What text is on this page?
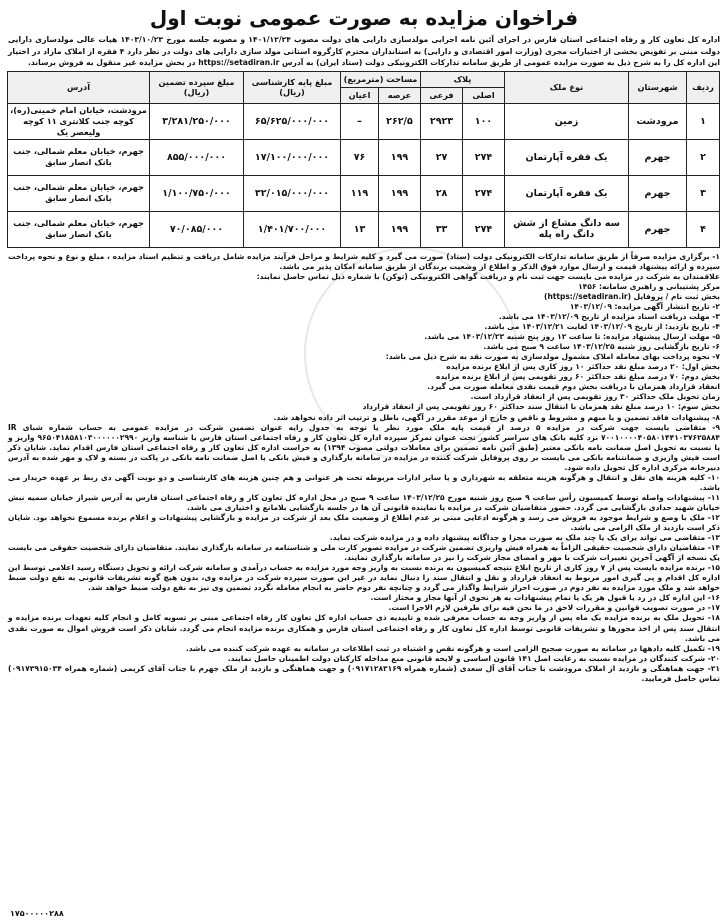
فراخوان مزایده به صورت عمومی نوبت اول

اداره کل تعاون کار و رفاه اجتماعی استان فارس در اجرای آئین نامه اجرایی مولدسازی دارایی های دولت مصوب ۱۴۰۱/۱۲/۲۴ و مصوبه جلسه مورخ ۱۴۰۳/۱۰/۲۳ هیات عالی مولدسازی دارایی دولت مبنی بر تفویض بخشی از اختیارات مجری (وزارت امور اقتصادی و دارایی) به استانداران محترم کارگروه استانی مولد سازی دارایی های دولت در نظر دارد ۴ فقره از املاک مازاد در اختیار این اداره کل را به شرح ذیل به صورت مزایده عمومی از طریق سامانه تدارکات الکترونیکی دولت (ستاد ایران) به آدرس https://setadiran.ir در بخش مزایده غیر منقول به فروش برساند.

ردیف	شهرستان	نوع ملک	پلاک		مساحت (مترمربع)		مبلغ پایه کارشناسی (ریال)	مبلغ سپرده تضمین (ریال)	آدرس
			اصلی	فرعی	عرصه	اعیان			
۱	مرودشت	زمین	۱۰۰	۲۹۲۳	۲۶۲/۵	–	۶۵/۶۲۵/۰۰۰/۰۰۰	۳/۲۸۱/۲۵۰/۰۰۰	مرودشت، خیابان امام خمینی(ره)، کوچه جنب کلانتری ۱۱ کوچه ولیعصر یک
۲	جهرم	یک فقره آپارتمان	۲۷۴	۲۷	۱۹۹	۷۶	۱۷/۱۰۰/۰۰۰/۰۰۰	۸۵۵/۰۰۰/۰۰۰	جهرم، خیابان معلم شمالی، جنب بانک انصار سابق
۳	جهرم	یک فقره آپارتمان	۲۷۴	۲۸	۱۹۹	۱۱۹	۳۲/۰۱۵/۰۰۰/۰۰۰	۱/۱۰۰/۷۵۰/۰۰۰	جهرم، خیابان معلم شمالی، جنب بانک انصار سابق
۴	جهرم	سه دانگ مشاع از شش دانگ راه پله	۲۷۴	۳۳	۱۹۹	۱۳	۱/۴۰۱/۷۰۰/۰۰۰	۷۰/۰۸۵/۰۰۰	جهرم، خیابان معلم شمالی، جنب بانک انصار سابق

۱- برگزاری مزایده صرفاً از طریق سامانه تدارکات الکترونیکی دولت (ستاد) صورت می گیرد و کلیه شرایط و مراحل فرآیند مزایده شامل دریافت و تنظیم اسناد مزایده ، مبلغ و نوع و نحوه پرداخت سپرده و ارائه پیشنهاد قیمت و ارسال موارد فوق الذکر و اطلاع از وضعیت برندگان از طریق سامانه امکان پذیر می باشد.

علاقمندان به شرکت در مزایده می بایست جهت ثبت نام و دریافت گواهی الکترونیکی (توکن) با شماره ذیل تماس حاصل نمایند:

مرکز پشتیبانی و راهبری سامانه: ۱۴۵۶

بخش ثبت نام / پروفایل (https://setadiran.ir)

۲- تاریخ انتشار آگهی مزایده: ۱۴۰۳/۱۲/۰۹

۳- مهلت دریافت اسناد مزایده از تاریخ ۱۴۰۳/۱۲/۰۹ می باشد.

۴- تاریخ بازدید: از تاریخ ۱۴۰۳/۱۲/۰۹ لغایت ۱۴۰۳/۱۲/۲۱ می باشد.

۵- مهلت ارسال پیشنهاد مزایده: تا ساعت ۱۲ روز پنج شنبه ۱۴۰۳/۱۲/۲۳ می باشد.

۶- تاریخ بازگشایی روز شنبه ۱۴۰۳/۱۲/۲۵ ساعت ۹ صبح می باشد.

۷- نحوه پرداخت بهای معامله املاک مشمول مولدسازی به صورت نقد به شرح ذیل می باشد:

بخش اول: ۲۰ درصد مبلغ نقد حداکثر ۱۰ روز کاری پس از ابلاغ برنده مزایده

بخش دوم: ۷۰ درصد مبلغ نقد حداکثر ۶۰ روز تقویمی پس از ابلاغ برنده مزایده

انعقاد قرارداد همزمان با دریافت بخش دوم قیمت نقدی معامله صورت می گیرد.

زمان تحویل ملک حداکثر ۳۰ روز تقویمی پس از انعقاد قرارداد است.

بخش سوم: ۱۰ درصد مبلغ نقد همزمان با انتقال سند حداکثر ۶۰ روز تقویمی پس از انعقاد قرارداد

۸- پیشنهادات فاقد تضمین و یا مبهم و مشروط و ناقص و خارج از موعد مقرر در آگهی، باطل و ترتیب اثر داده نخواهد شد.

۹- متقاضی بایست جهت شرکت در مزایده ۵ درصد از قیمت پایه ملک مورد نظر یا توجه به جدول رایه عنوان تضمین شرکت در مزایده عمومی به حساب شماره شبای IR ۷۰۰۱۰۰۰۰۴۰۵۸۰۱۴۴۱۰۳۷۶۲۵۸۸۴ نزد کلیه بانک های سراسر کشور تحت عنوان تمرکز سپرده اداره کل تعاون کار و رفاه اجتماعی استان فارس با شناسه واریز ۹۶۵۰۴۱۸۵۸۱۰۳۰۰۰۰۰۰۲۹۹۰ واریز و یا نسبت به تحویل اصل ضمانت نامه بانکی معتبر (طبق آئین نامه تضمین برای معاملات دولتی مصوب ۱۳۹۴) به حراست اداره کل تعاون کار و رفاه اجتماعی استان فارس اقدام نماید. شایان ذکر است فیش واریزی و ضمانتنامه بانکی می بایست بر روی پروفایل شرکت کننده در مزایده در سامانه بارگذاری و فیش بانکی یا اصل ضمانت نامه بانکی در پاکت در بسته و لاک و مهر شده به آدرس دبیرخانه مرکزی اداره کل تحویل داده شود.

۱۰- کلیه هزینه های نقل و انتقال و هرگونه هزینه متعلقه به شهرداری و یا سایر ادارات مربوطه تحت هر عنوانی و هم چنین هزینه های کارشناسی و دو نوبت آگهی دی ربط بر عهده خریدار می باشد.

۱۱- پیشنهادات واصله توسط کمیسیون رأس ساعت ۹ صبح روز شنبه مورخ ۱۴۰۳/۱۲/۲۵ ساعت ۹ صبح در محل اداره کل تعاون کار و رفاه اجتماعی استان فارس به آدرس شیراز خیابان سمیه نبش خیابان شهید حدادی بازگشایی می گردد. حضور متقاضیان شرکت در مزایده یا نماینده قانونی آن ها در جلسه بازگشایی بلامانع و اختیاری می باشد.

۱۲- ملک با وضع و شرایط موجود به فروش می رسد و هرگونه ادعایی مبنی بر عدم اطلاع از وضعیت ملک بعد از شرکت در مزایده و بازگشایی پیشنهادات و اعلام برنده مسموع نخواهد بود. شایان ذکر است بازدید از ملک الزامی می باشد.

۱۳- متقاضی می تواند برای یک یا چند ملک به صورت مجزا و جداگانه پیشنهاد داده و در مزایده شرکت نماید.

۱۴- متقاضیان دارای شخصیت حقیقی الزاماً به همراه فیش واریزی تضمین شرکت در مزایده تصویر کارت ملی و شناسنامه در سامانه بارگذاری نمایند. متقاضیان دارای شخصیت حقوقی می بایست یک نسخه از آگهی آخرین تغییرات شرکت با مهر و امضای مجاز شرکت را نیز در سامانه بارگذاری نمایند.

۱۵- برنده مزایده بایست پس از ۷ روز کاری از تاریخ ابلاغ نتیجه کمیسیون به برنده نسبت به واریز وجه مورد مزایده به حساب درآمدی و سامانه شرکت ارائه و تحویل دستگاه رسید اعلامی توسط این اداره کل اقدام و پی گیری امور مربوط به انعقاد قرارداد و نقل و انتقال سند را دنبال نماید در غیر این صورت سپرده شرکت در مزایده وی، بدون هیچ گونه تشریفات قانونی به نفع دولت ضبط خواهد شد و ملک مورد مزایده به نفر دوم در صورت احراز شرایط واگذار می گردد و چنانچه نفر دوم حاضر به انجام معامله نگردد تضمین وی نیز به نفع دولت ضبط خواهد شد.

۱۶- این اداره کل در رد یا قبول هر یک یا تمام پیشنهادات به هر نحوی از آنها مجاز و مختار است.

۱۷- در صورت تصویب قوانین و مقررات لاحق در ما نحن فیه برای طرفین لازم الاجرا است.

۱۸- تحویل ملک به برنده مزایده یک ماه پس از واریز وجه به حساب معرفی شده و تاییدیه ذی حساب اداره کل تعاون کار رفاه اجتماعی مبنی بر تسویه کامل و انجام کلیه تعهدات برنده مزایده و انتقال سند پس از اخذ مجوزها و تشریفات قانونی توسط اداره کل تعاون کار و رفاه اجتماعی استان فارس و همکاری برنده مزایده انجام می گردد. شایان ذکر است فروش اموال به صورت نقدی می باشد.

۱۹- تکمیل کلیه دادهها در سامانه به صورت صحیح الزامی است و هرگونه نقص و اشتباه در ثبت اطلاعات در سامانه به عهده شرکت کننده می باشد.

۲۰- شرکت کنندگان در مزایده نسبت به رعایت اصل ۱۴۱ قانون اساسی و لایحه قانونی منع مداخله کارکنان دولت اطمینان حاصل نمایند.

۲۱- جهت هماهنگی و بازدید از املاک مرودشت با جناب آقای آل سعدی (شماره همراه ۰۹۱۷۱۲۸۳۱۶۹) و جهت هماهنگی و بازدید از ملک جهرم با جناب آقای کریمی (شماره همراه ۰۹۱۷۳۹۱۵۰۳۴) تماس حاصل فرمایید.

۱۷۵۰۰۰۰۰۲۸۸
